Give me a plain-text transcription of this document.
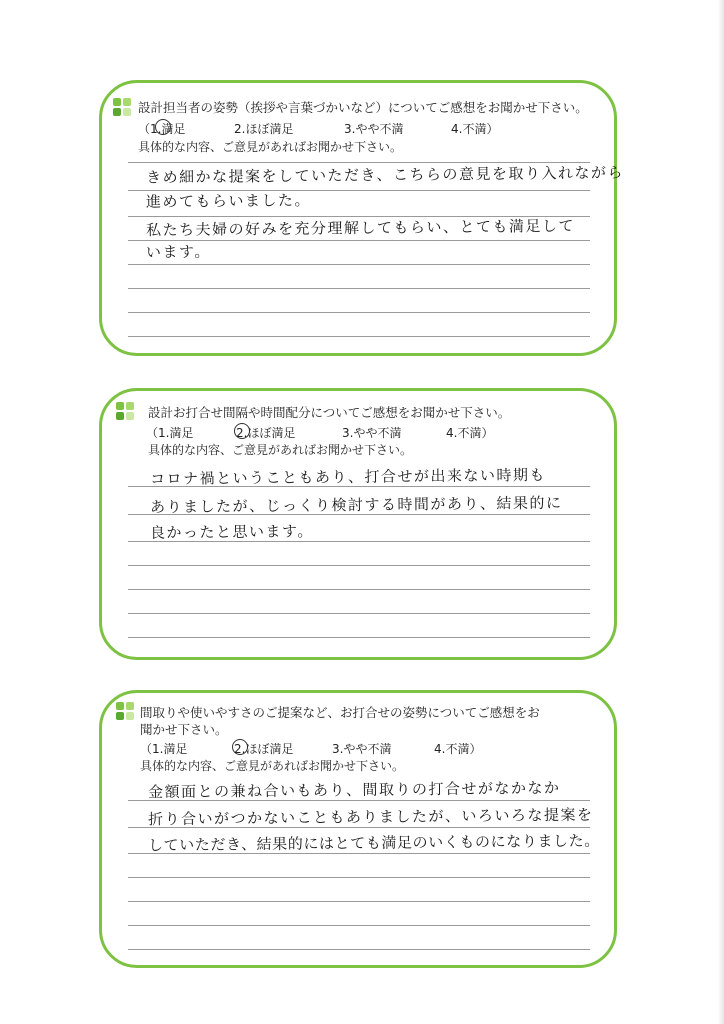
設計担当者の姿勢（挨拶や言葉づかいなど）についてご感想をお聞かせ下さい。
（1.満足	2.ほぼ満足	3.やや不満	4.不満）
具体的な内容、ご意見があればお聞かせ下さい。
きめ細かな提案をしていただき、こちらの意見を取り入れながら
進めてもらいました。
私たち夫婦の好みを充分理解してもらい、とても満足して
います。
設計お打合せ間隔や時間配分についてご感想をお聞かせ下さい。
（1.満足	2.ほぼ満足	3.やや不満	4.不満）
具体的な内容、ご意見があればお聞かせ下さい。
コロナ禍ということもあり、打合せが出来ない時期も
ありましたが、じっくり検討する時間があり、結果的に
良かったと思います。
間取りや使いやすさのご提案など、お打合せの姿勢についてご感想をお
聞かせ下さい。
（1.満足	2.ほぼ満足	3.やや不満	4.不満）
具体的な内容、ご意見があればお聞かせ下さい。
金額面との兼ね合いもあり、間取りの打合せがなかなか
折り合いがつかないこともありましたが、いろいろな提案を
していただき、結果的にはとても満足のいくものになりました。
